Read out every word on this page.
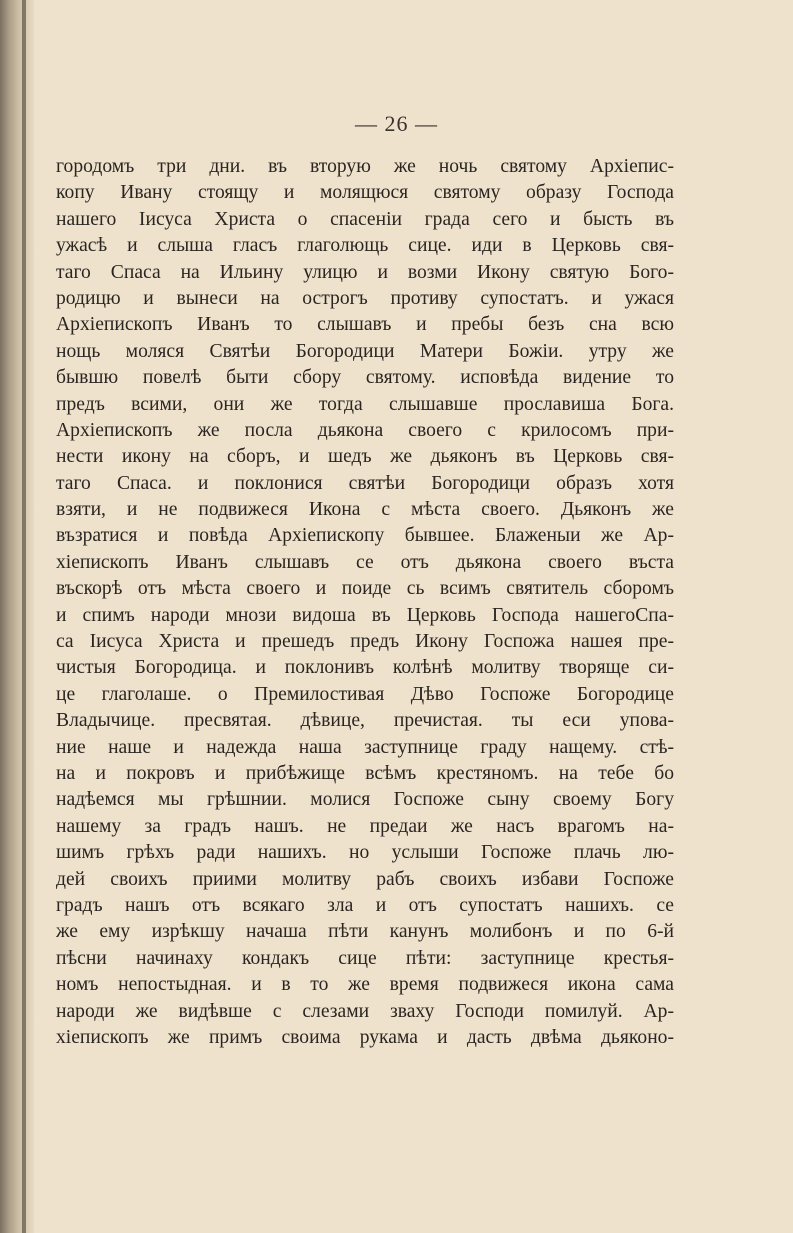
— 26 —
городомъ три дни. въ вторую же ночь святому Архіепис-
копу Ивану стоящу и молящюся святому образу Господа
нашего Іисуса Христа о спасеніи града сего и бысть въ
ужасѣ и слыша гласъ глаголющь сице. иди в Церковь свя-
таго Спаса на Ильину улицю и возми Икону святую Бого-
родицю и вынеси на острогъ противу супостатъ. и ужася
Архіепископъ Иванъ то слышавъ и пребы безъ сна всю
нощь моляся Святѣи Богородици Матери Божіи. утру же
бывшю повелѣ быти сбору святому. исповѣда видение то
предъ всими, они же тогда слышавше прославиша Бога.
Архіепископъ же посла дьякона своего с крилосомъ при-
нести икону на сборъ, и шедъ же дьяконъ въ Церковь свя-
таго Спаса. и поклонися святѣи Богородици образъ хотя
взяти, и не подвижеся Икона с мѣста своего. Дьяконъ же
възратися и повѣда Архіепископу бывшее. Блаженыи же Ар-
хіепископъ Иванъ слышавъ се отъ дьякона своего въста
въскорѣ отъ мѣста своего и поиде сь всимъ святитель сборомъ
и спимъ народи мнози видоша въ Церковь Господа нашегоСпа-
са Іисуса Христа и прешедъ предъ Икону Госпожа нашея пре-
чистыя Богородица. и поклонивъ колѣнѣ молитву творяще си-
це глаголаше. о Премилостивая Дѣво Госпоже Богородице
Владычице. пресвятая. дѣвице, пречистая. ты еси упова-
ние наше и надежда наша заступнице граду нащему. стѣ-
на и покровъ и прибѣжище всѣмъ крестяномъ. на тебе бо
надѣемся мы грѣшнии. молися Госпоже сыну своему Богу
нашему за градъ нашъ. не предаи же насъ врагомъ на-
шимъ грѣхъ ради нашихъ. но услыши Госпоже плачь лю-
дей своихъ приими молитву рабъ своихъ избави Госпоже
градъ нашъ отъ всякаго зла и отъ супостатъ нашихъ. се
же ему изрѣкшу начаша пѣти канунъ молибонъ и по 6-й
пѣсни начинаху кондакъ сице пѣти: заступнице крестья-
номъ непостыдная. и в то же время подвижеся икона сама
народи же видѣвше с слезами зваху Господи помилуй. Ар-
хіепископъ же примъ своима рукама и дасть двѣма дьяконо-
